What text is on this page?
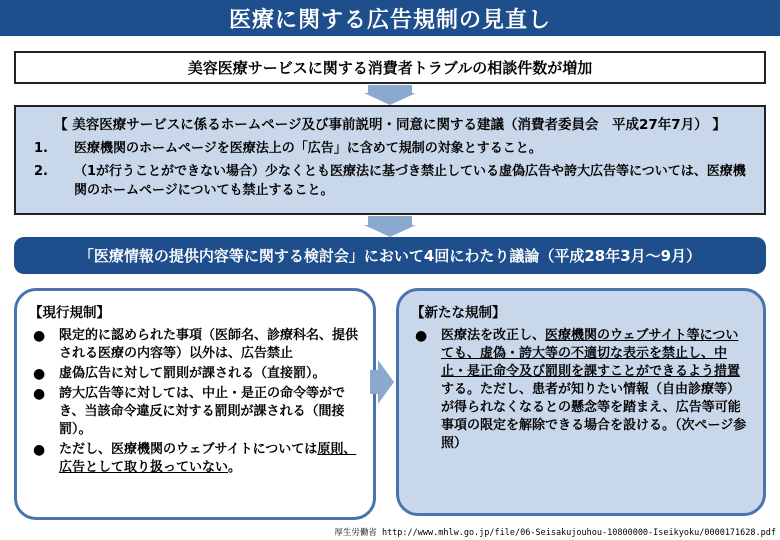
医療に関する広告規制の見直し
美容医療サービスに関する消費者トラブルの相談件数が増加
【 美容医療サービスに係るホームページ及び事前説明・同意に関する建議（消費者委員会　平成27年7月） 】
1.	医療機関のホームページを医療法上の「広告」に含めて規制の対象とすること。
2.	（1が行うことができない場合）少なくとも医療法に基づき禁止している虚偽広告や誇大広告等については、医療機関のホームページについても禁止すること。
「医療情報の提供内容等に関する検討会」において4回にわたり議論（平成28年3月～9月）
【現行規制】
●	限定的に認められた事項（医師名、診療科名、提供される医療の内容等）以外は、広告禁止
●	虚偽広告に対して罰則が課される（直接罰）。
●	誇大広告等に対しては、中止・是正の命令等ができ、当該命令違反に対する罰則が課される（間接罰）。
●	ただし、医療機関のウェブサイトについては原則、広告として取り扱っていない。
【新たな規制】
●	医療法を改正し、医療機関のウェブサイト等についても、虚偽・誇大等の不適切な表示を禁止し、中止・是正命令及び罰則を課すことができるよう措置する。ただし、患者が知りたい情報（自由診療等）が得られなくなるとの懸念等を踏まえ、広告等可能事項の限定を解除できる場合を設ける。（次ページ参照）
厚生労働省 http://www.mhlw.go.jp/file/06-Seisakujouhou-10800000-Iseikyoku/0000171628.pdf
